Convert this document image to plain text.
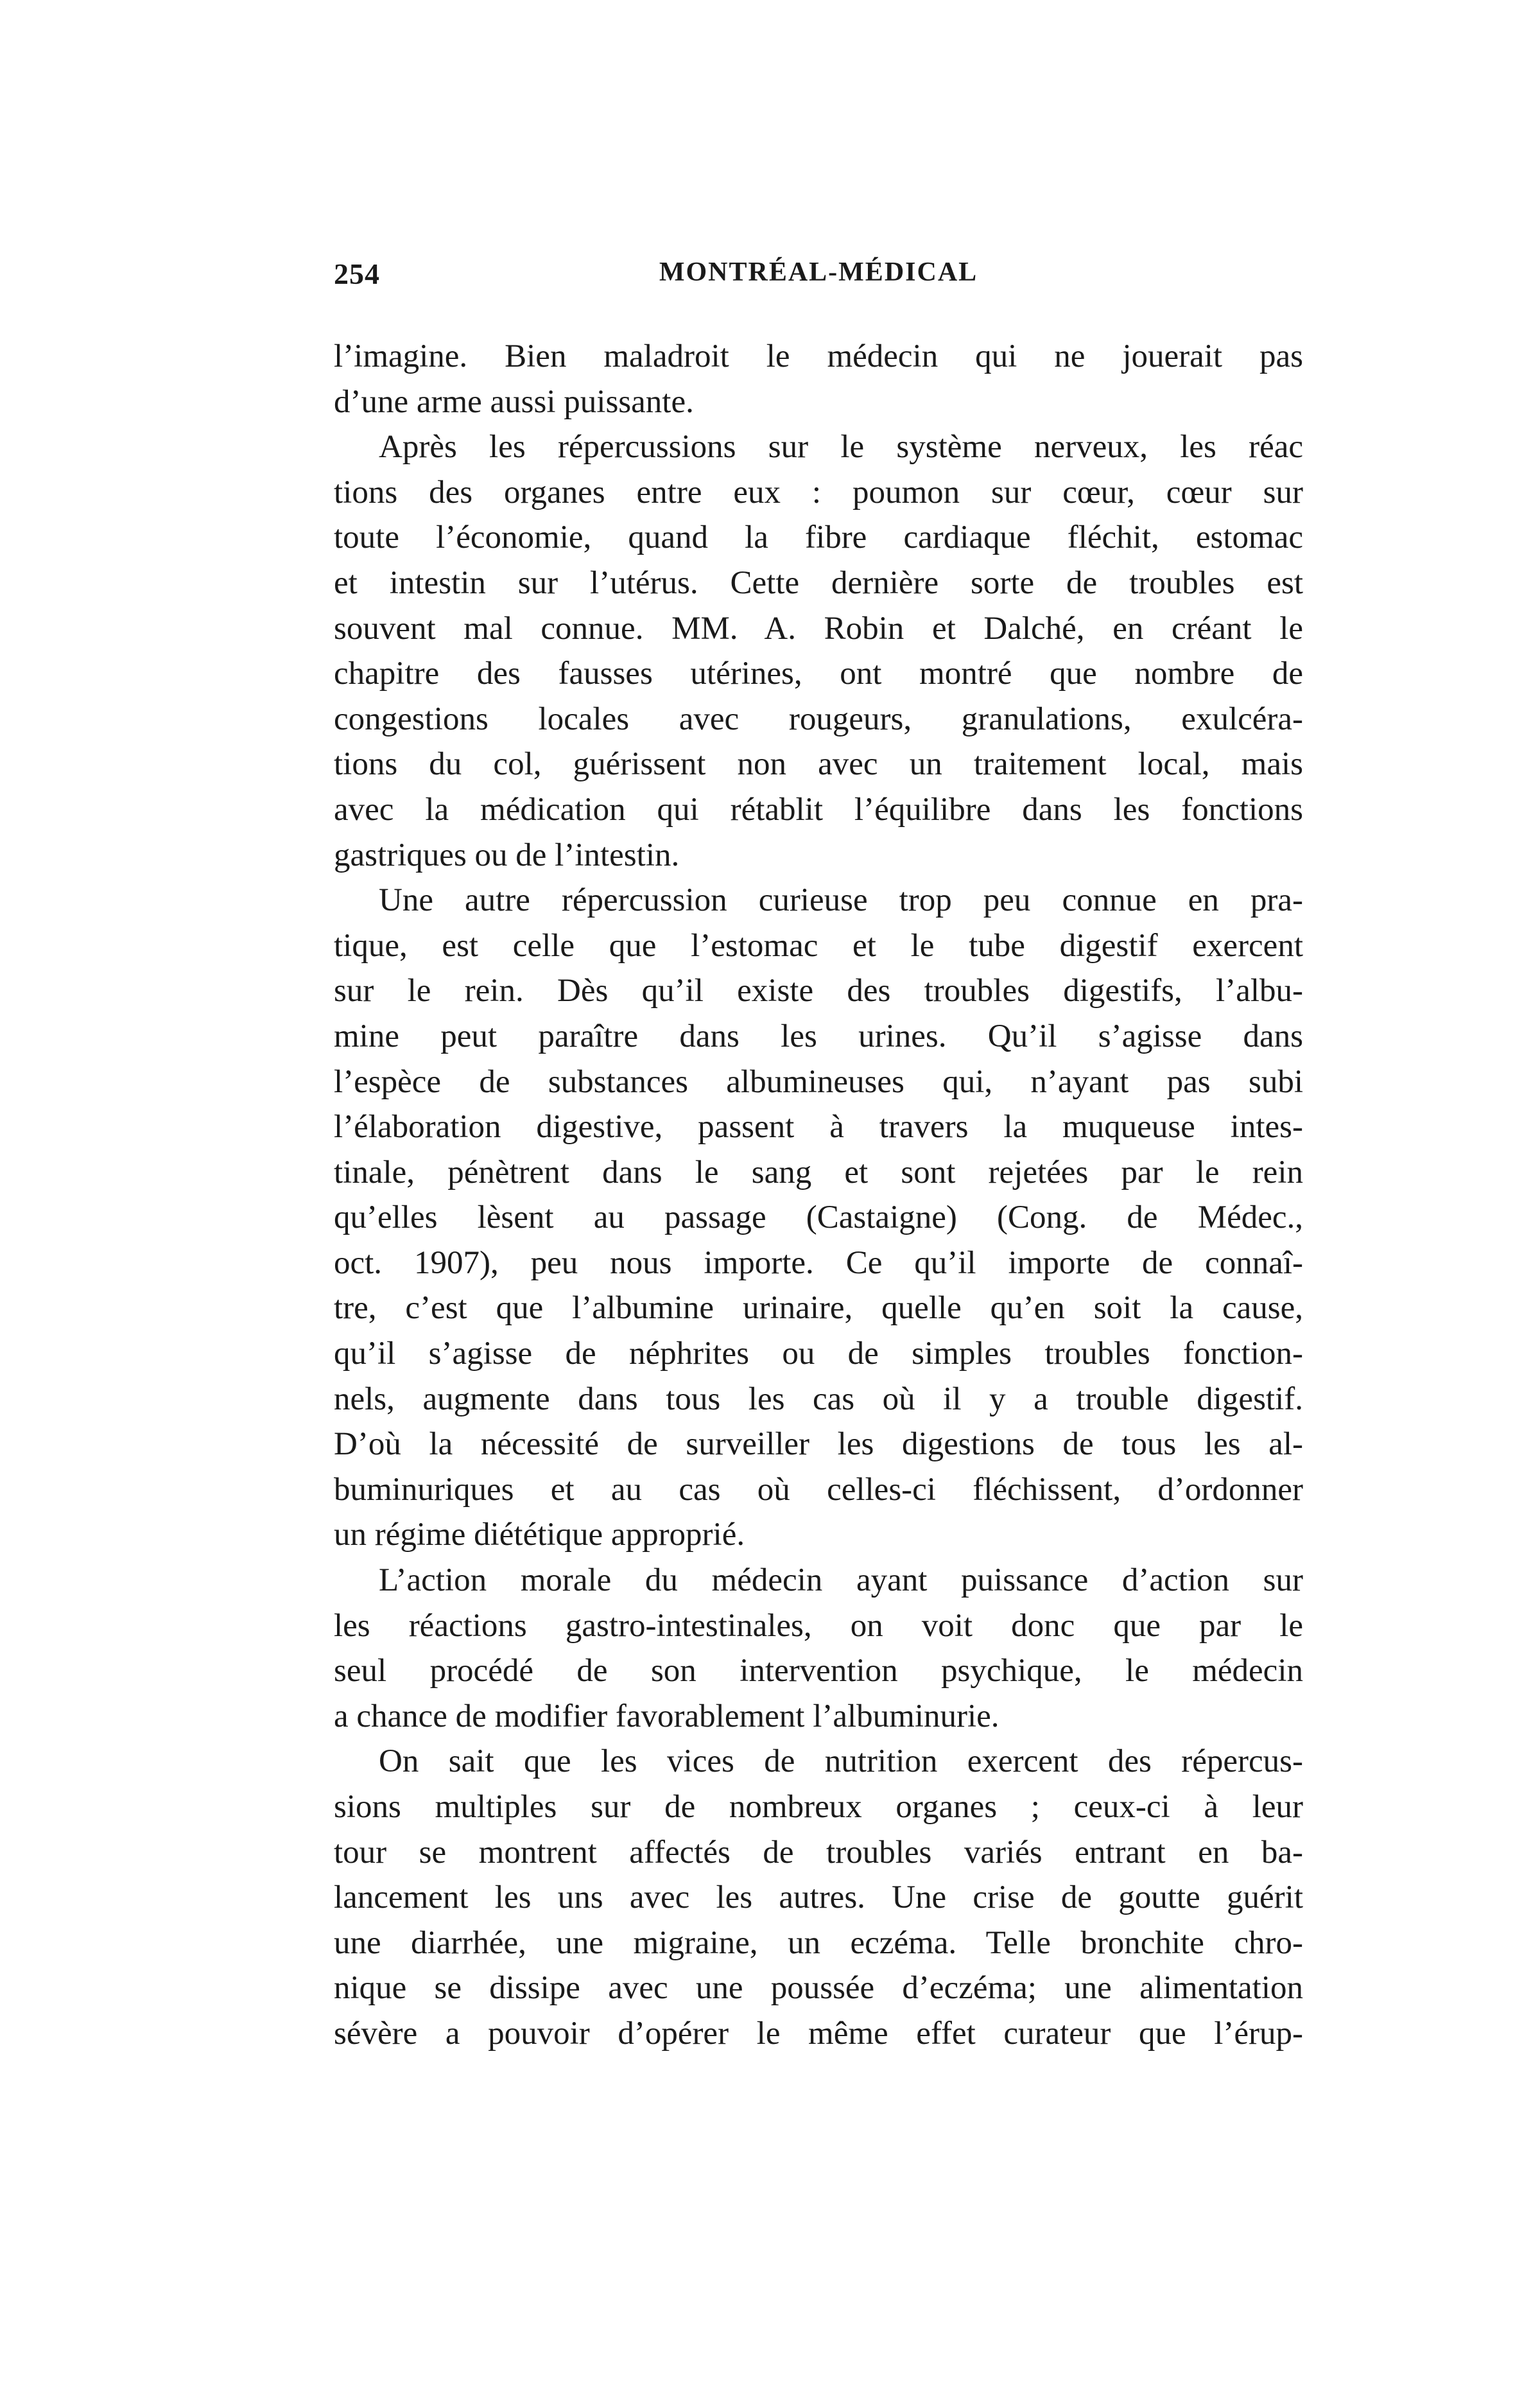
254	MONTRÉAL-MÉDICAL

l’imagine. Bien maladroit le médecin qui ne jouerait pas
d’une arme aussi puissante.

Après les répercussions sur le système nerveux, les réac
tions des organes entre eux : poumon sur cœur, cœur sur
toute l’économie, quand la fibre cardiaque fléchit, estomac
et intestin sur l’utérus. Cette dernière sorte de troubles est
souvent mal connue. MM. A. Robin et Dalché, en créant le
chapitre des fausses utérines, ont montré que nombre de
congestions locales avec rougeurs, granulations, exulcéra-
tions du col, guérissent non avec un traitement local, mais
avec la médication qui rétablit l’équilibre dans les fonctions
gastriques ou de l’intestin.

Une autre répercussion curieuse trop peu connue en pra-
tique, est celle que l’estomac et le tube digestif exercent
sur le rein. Dès qu’il existe des troubles digestifs, l’albu-
mine peut paraître dans les urines. Qu’il s’agisse dans
l’espèce de substances albumineuses qui, n’ayant pas subi
l’élaboration digestive, passent à travers la muqueuse intes-
tinale, pénètrent dans le sang et sont rejetées par le rein
qu’elles lèsent au passage (Castaigne) (Cong. de Médec.,
oct. 1907), peu nous importe. Ce qu’il importe de connaî-
tre, c’est que l’albumine urinaire, quelle qu’en soit la cause,
qu’il s’agisse de néphrites ou de simples troubles fonction-
nels, augmente dans tous les cas où il y a trouble digestif.
D’où la nécessité de surveiller les digestions de tous les al-
buminuriques et au cas où celles-ci fléchissent, d’ordonner
un régime diététique approprié.

L’action morale du médecin ayant puissance d’action sur
les réactions gastro-intestinales, on voit donc que par le
seul procédé de son intervention psychique, le médecin
a chance de modifier favorablement l’albuminurie.

On sait que les vices de nutrition exercent des répercus-
sions multiples sur de nombreux organes ; ceux-ci à leur
tour se montrent affectés de troubles variés entrant en ba-
lancement les uns avec les autres. Une crise de goutte guérit
une diarrhée, une migraine, un eczéma. Telle bronchite chro-
nique se dissipe avec une poussée d’eczéma; une alimentation
sévère a pouvoir d’opérer le même effet curateur que l’érup-
